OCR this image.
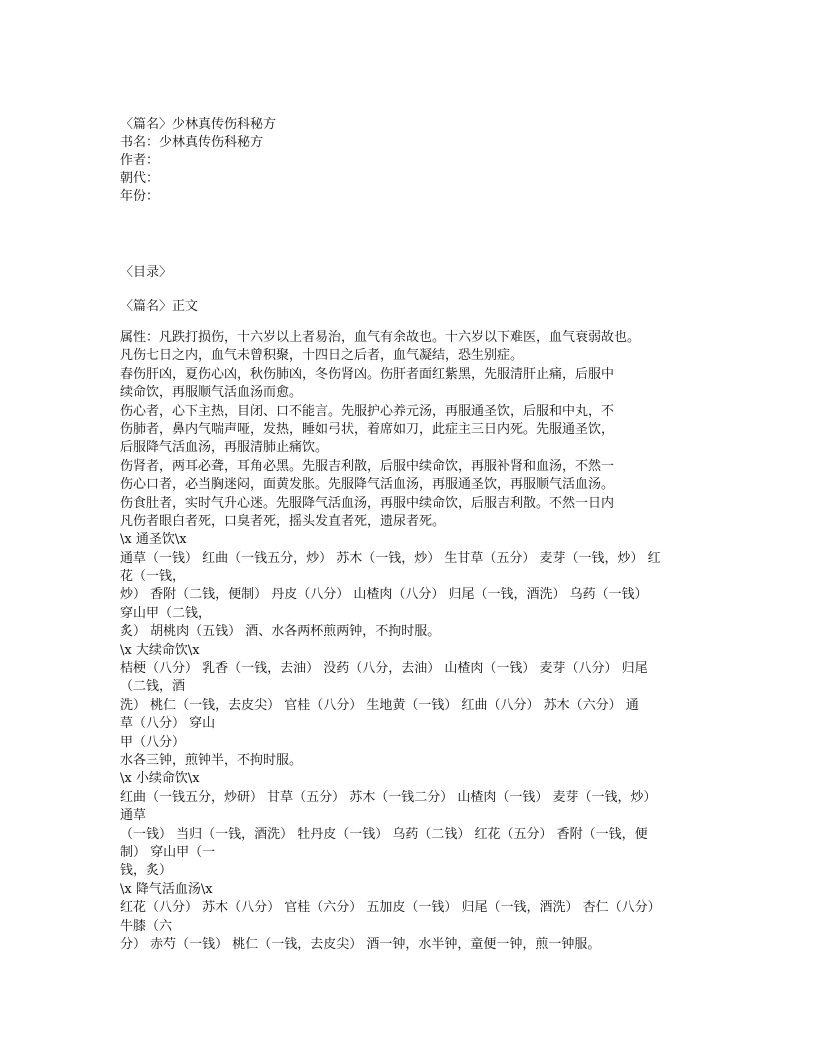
〈篇名〉少林真传伤科秘方
书名：少林真传伤科秘方
作者：
朝代：
年份：
〈目录〉
〈篇名〉正文
属性：凡跌打损伤，十六岁以上者易治，血气有余故也。十六岁以下难医，血气衰弱故也。
凡伤七日之内，血气未曾积聚，十四日之后者，血气凝结，恐生别症。
春伤肝凶，夏伤心凶，秋伤肺凶，冬伤肾凶。伤肝者面红紫黑，先服清肝止痛，后服中
续命饮，再服顺气活血汤而愈。
伤心者，心下主热，目闭、口不能言。先服护心养元汤，再服通圣饮，后服和中丸，不
伤肺者，鼻内气喘声哑，发热，睡如弓状，着席如刀，此症主三日内死。先服通圣饮，
后服降气活血汤，再服清肺止痛饮。
伤肾者，两耳必聋，耳角必黑。先服吉利散，后服中续命饮，再服补肾和血汤，不然一
伤心口者，必当胸迷闷，面黄发胀。先服降气活血汤，再服通圣饮，再服顺气活血汤。
伤食肚者，实时气升心迷。先服降气活血汤，再服中续命饮，后服吉利散。不然一日内
凡伤者眼白者死，口臭者死，摇头发直者死，遗尿者死。
\x 通圣饮\x
通草（一钱） 红曲（一钱五分，炒） 苏木（一钱，炒） 生甘草（五分） 麦芽（一钱，炒） 红
花（一钱，
炒） 香附（二钱，便制） 丹皮（八分） 山楂肉（八分） 归尾（一钱，酒洗） 乌药（一钱）
穿山甲（二钱，
炙） 胡桃肉（五钱） 酒、水各两杯煎两钟，不拘时服。
\x 大续命饮\x
桔梗（八分） 乳香（一钱，去油） 没药（八分，去油） 山楂肉（一钱） 麦芽（八分） 归尾
（二钱，酒
洗） 桃仁（一钱，去皮尖） 官桂（八分） 生地黄（一钱） 红曲（八分） 苏木（六分） 通
草（八分） 穿山
甲（八分）
水各三钟，煎钟半，不拘时服。
\x 小续命饮\x
红曲（一钱五分，炒研） 甘草（五分） 苏木（一钱二分） 山楂肉（一钱） 麦芽（一钱，炒）
通草
（一钱） 当归（一钱，酒洗） 牡丹皮（一钱） 乌药（二钱） 红花（五分） 香附（一钱，便
制） 穿山甲（一
钱，炙）
\x 降气活血汤\x
红花（八分） 苏木（八分） 官桂（六分） 五加皮（一钱） 归尾（一钱，酒洗） 杏仁（八分）
牛膝（六
分） 赤芍（一钱） 桃仁（一钱，去皮尖） 酒一钟，水半钟，童便一钟，煎一钟服。
